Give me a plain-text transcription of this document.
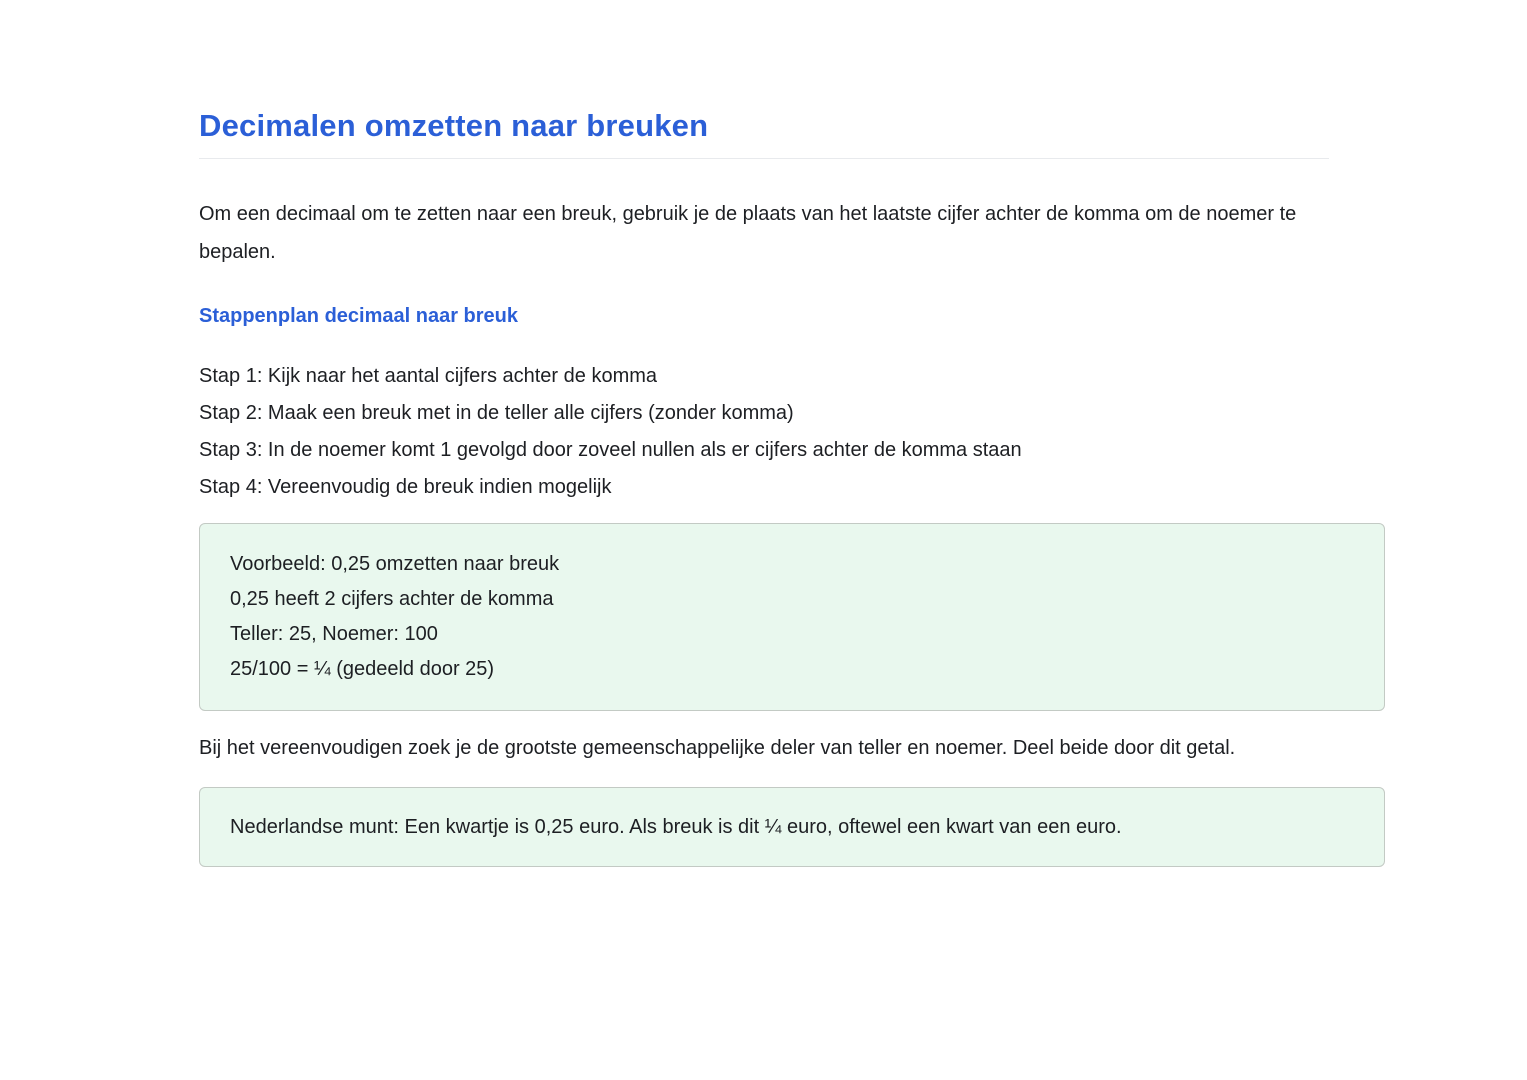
Decimalen omzetten naar breuken

Om een decimaal om te zetten naar een breuk, gebruik je de plaats van het laatste cijfer achter de komma om de noemer te bepalen.

Stappenplan decimaal naar breuk

Stap 1: Kijk naar het aantal cijfers achter de komma

Stap 2: Maak een breuk met in de teller alle cijfers (zonder komma)

Stap 3: In de noemer komt 1 gevolgd door zoveel nullen als er cijfers achter de komma staan

Stap 4: Vereenvoudig de breuk indien mogelijk

Voorbeeld: 0,25 omzetten naar breuk

0,25 heeft 2 cijfers achter de komma

Teller: 25, Noemer: 100

25/100 = ¼ (gedeeld door 25)

Bij het vereenvoudigen zoek je de grootste gemeenschappelijke deler van teller en noemer. Deel beide door dit getal.

Nederlandse munt: Een kwartje is 0,25 euro. Als breuk is dit ¼ euro, oftewel een kwart van een euro.
